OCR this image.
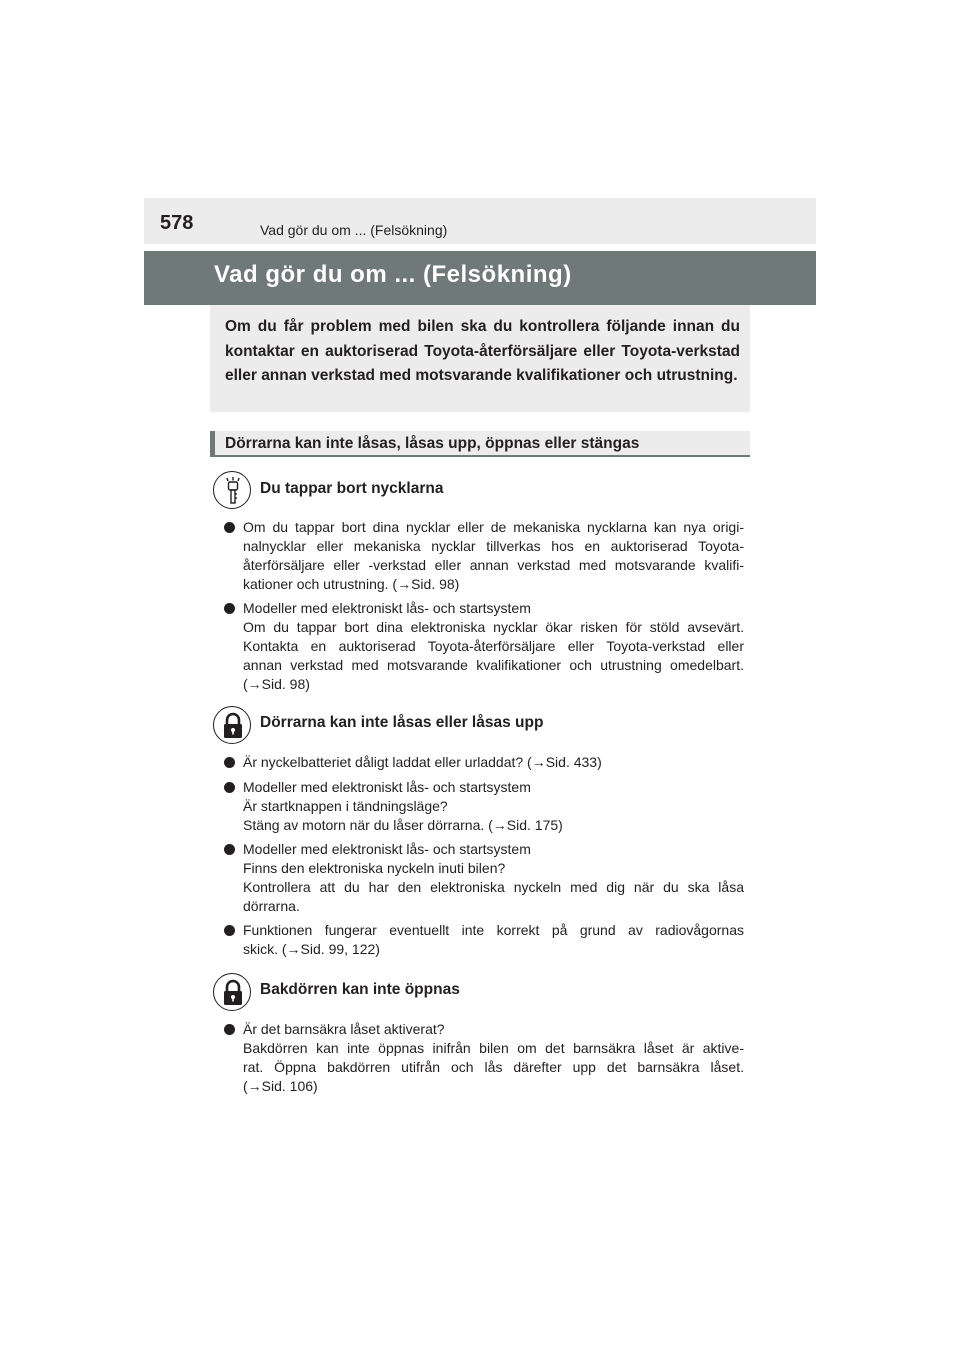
578	Vad gör du om ... (Felsökning)
Vad gör du om ... (Felsökning)

Om du får problem med bilen ska du kontrollera följande innan du kontaktar en auktoriserad Toyota-återförsäljare eller Toyota-verkstad eller annan verkstad med motsvarande kvalifikationer och utrustning.

Dörrarna kan inte låsas, låsas upp, öppnas eller stängas
Du tappar bort nycklarna
Om du tappar bort dina nycklar eller de mekaniska nycklarna kan nya origi-
nalnycklar eller mekaniska nycklar tillverkas hos en auktoriserad Toyota-
återförsäljare eller -verkstad eller annan verkstad med motsvarande kvalifi-
kationer och utrustning. (→Sid. 98)
Modeller med elektroniskt lås- och startsystem
Om du tappar bort dina elektroniska nycklar ökar risken för stöld avsevärt.
Kontakta en auktoriserad Toyota-återförsäljare eller Toyota-verkstad eller
annan verkstad med motsvarande kvalifikationer och utrustning omedelbart.
(→Sid. 98)
Dörrarna kan inte låsas eller låsas upp
Är nyckelbatteriet dåligt laddat eller urladdat? (→Sid. 433)
Modeller med elektroniskt lås- och startsystem
Är startknappen i tändningsläge?
Stäng av motorn när du låser dörrarna. (→Sid. 175)
Modeller med elektroniskt lås- och startsystem
Finns den elektroniska nyckeln inuti bilen?
Kontrollera att du har den elektroniska nyckeln med dig när du ska låsa
dörrarna.
Funktionen fungerar eventuellt inte korrekt på grund av radiovågornas
skick. (→Sid. 99, 122)
Bakdörren kan inte öppnas
Är det barnsäkra låset aktiverat?
Bakdörren kan inte öppnas inifrån bilen om det barnsäkra låset är aktive-
rat. Öppna bakdörren utifrån och lås därefter upp det barnsäkra låset.
(→Sid. 106)
